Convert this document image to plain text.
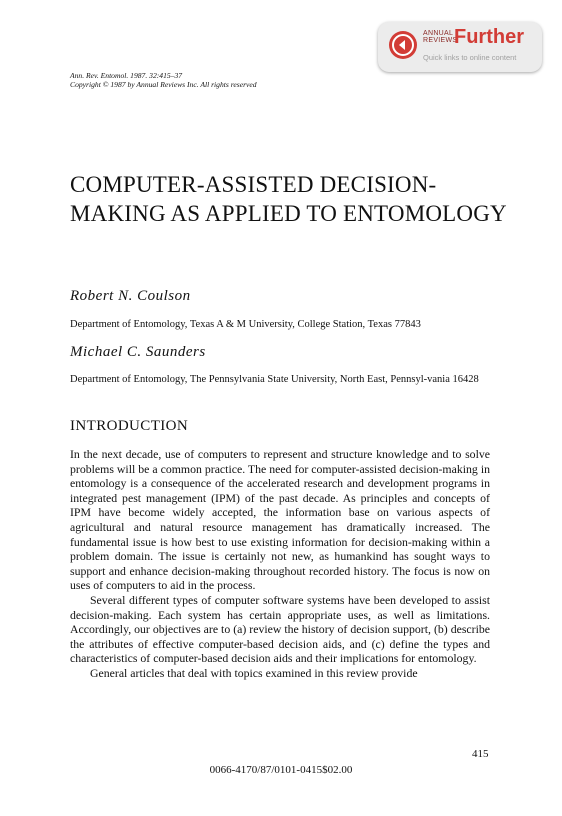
ANNUAL
REVIEWS
Further
Quick links to online content
Ann. Rev. Entomol. 1987. 32:415–37
Copyright © 1987 by Annual Reviews Inc. All rights reserved
COMPUTER-ASSISTED DECISION-MAKING AS APPLIED TO ENTOMOLOGY
Robert N. Coulson
Department of Entomology, Texas A & M University, College Station, Texas 77843
Michael C. Saunders
Department of Entomology, The Pennsylvania State University, North East, Pennsyl-vania 16428
INTRODUCTION

In the next decade, use of computers to represent and structure knowledge and to solve problems will be a common practice. The need for computer-assisted decision-making in entomology is a consequence of the accelerated research and development programs in integrated pest management (IPM) of the past decade. As principles and concepts of IPM have become widely accepted, the information base on various aspects of agricultural and natural resource management has dramatically increased. The fundamental issue is how best to use existing information for decision-making within a problem domain. The issue is certainly not new, as humankind has sought ways to support and enhance decision-making throughout recorded history. The focus is now on uses of computers to aid in the process.

Several different types of computer software systems have been developed to assist decision-making. Each system has certain appropriate uses, as well as limitations. Accordingly, our objectives are to (a) review the history of decision support, (b) describe the attributes of effective computer-based decision aids, and (c) define the types and characteristics of computer-based decision aids and their implications for entomology.

General articles that deal with topics examined in this review provide

415
0066-4170/87/0101-0415$02.00
